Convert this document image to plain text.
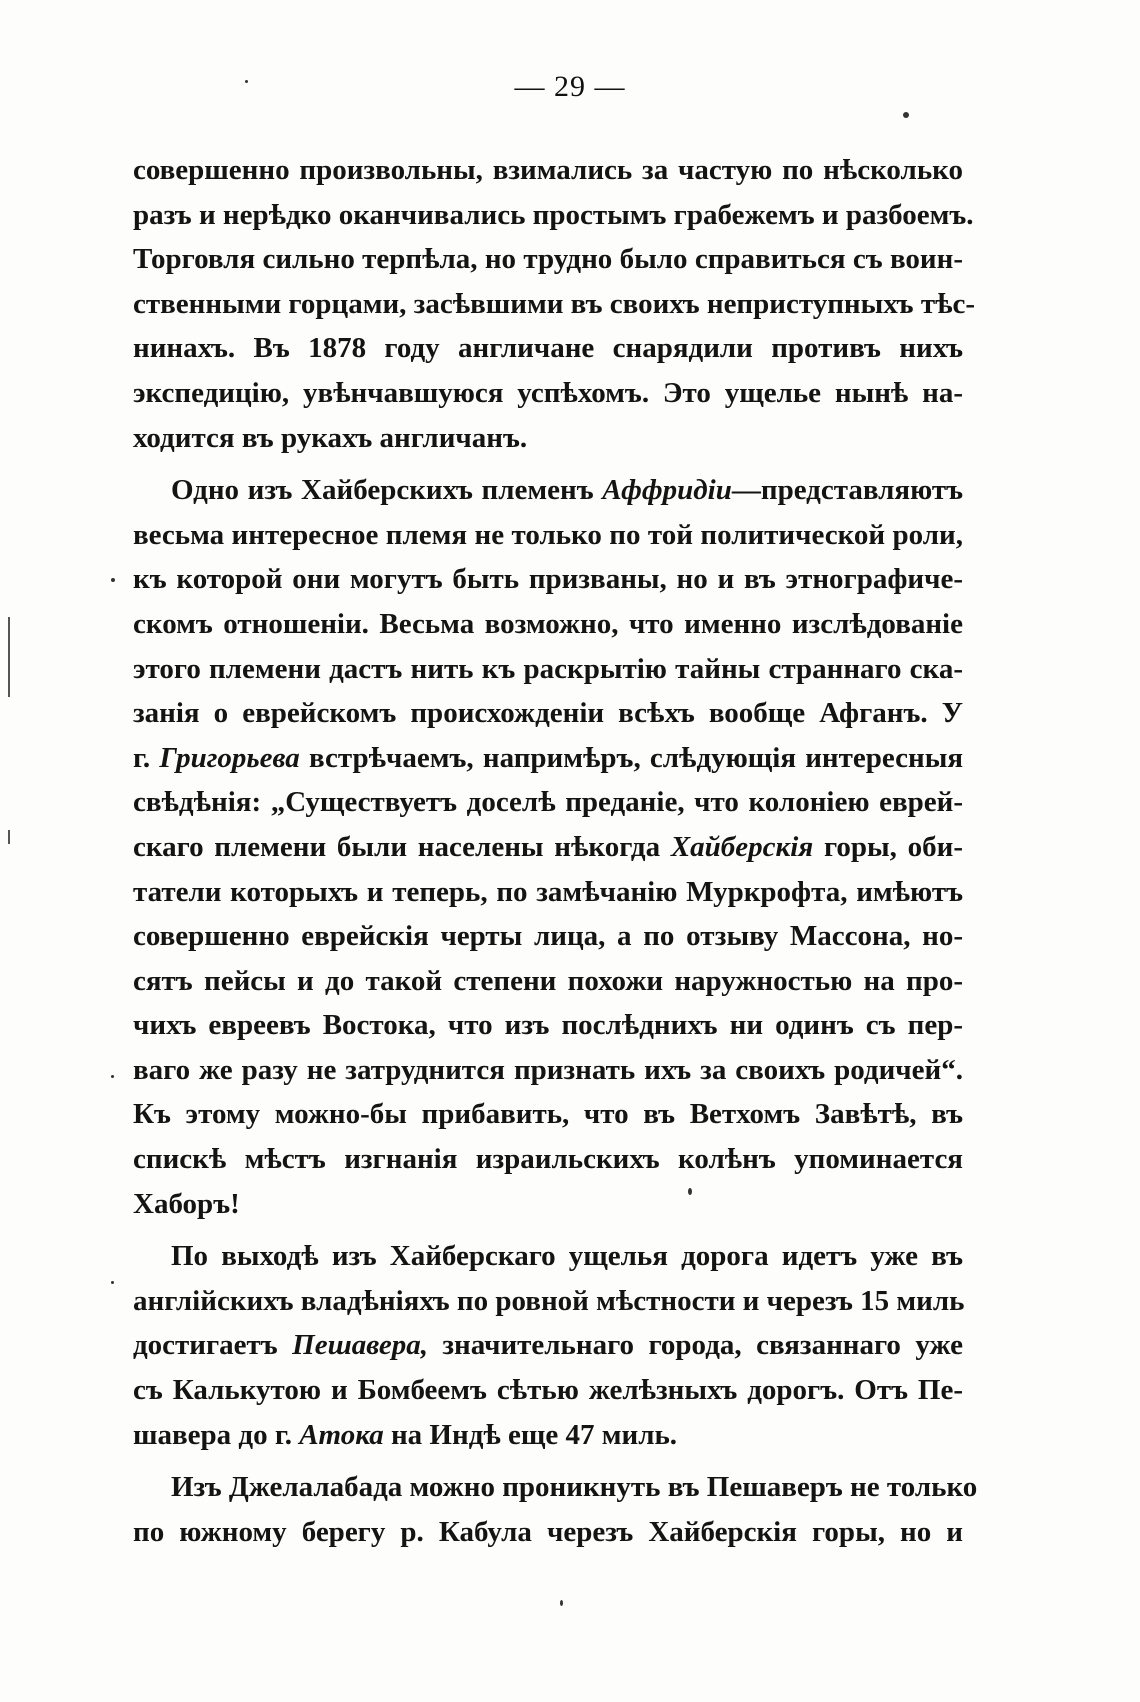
— 29 —
совершенно произвольны, взимались за частую по нѣсколько
разъ и нерѣдко оканчивались простымъ грабежемъ и разбоемъ.
Торговля сильно терпѣла, но трудно было справиться съ воин-
ственными горцами, засѣвшими въ своихъ неприступныхъ тѣс-
нинахъ. Въ 1878 году англичане снарядили противъ нихъ
экспедицію, увѣнчавшуюся успѣхомъ. Это ущелье нынѣ на-
ходится въ рукахъ англичанъ.
Одно изъ Хайберскихъ племенъ Аффридіи—представляютъ
весьма интересное племя не только по той политической роли,
къ которой они могутъ быть призваны, но и въ этнографиче-
скомъ отношеніи. Весьма возможно, что именно изслѣдованіе
этого племени дастъ нить къ раскрытію тайны страннаго ска-
занія о еврейскомъ происхожденіи всѣхъ вообще Афганъ. У
г. Григорьева встрѣчаемъ, напримѣръ, слѣдующія интересныя
свѣдѣнія: „Существуетъ доселѣ преданіе, что колоніею еврей-
скаго племени были населены нѣкогда Хайберскія горы, оби-
татели которыхъ и теперь, по замѣчанію Муркрофта, имѣютъ
совершенно еврейскія черты лица, а по отзыву Массона, но-
сятъ пейсы и до такой степени похожи наружностью на про-
чихъ евреевъ Востока, что изъ послѣднихъ ни одинъ съ пер-
ваго же разу не затруднится признать ихъ за своихъ родичей“.
Къ этому можно-бы прибавить, что въ Ветхомъ Завѣтѣ, въ
спискѣ мѣстъ изгнанія израильскихъ колѣнъ упоминается
Хаборъ!
По выходѣ изъ Хайберскаго ущелья дорога идетъ уже въ
англійскихъ владѣніяхъ по ровной мѣстности и черезъ 15 миль
достигаетъ Пешавера, значительнаго города, связаннаго уже
съ Калькутою и Бомбеемъ сѣтью желѣзныхъ дорогъ. Отъ Пе-
шавера до г. Атока на Индѣ еще 47 миль.
Изъ Джелалабада можно проникнуть въ Пешаверъ не только
по южному берегу р. Кабула черезъ Хайберскія горы, но и
